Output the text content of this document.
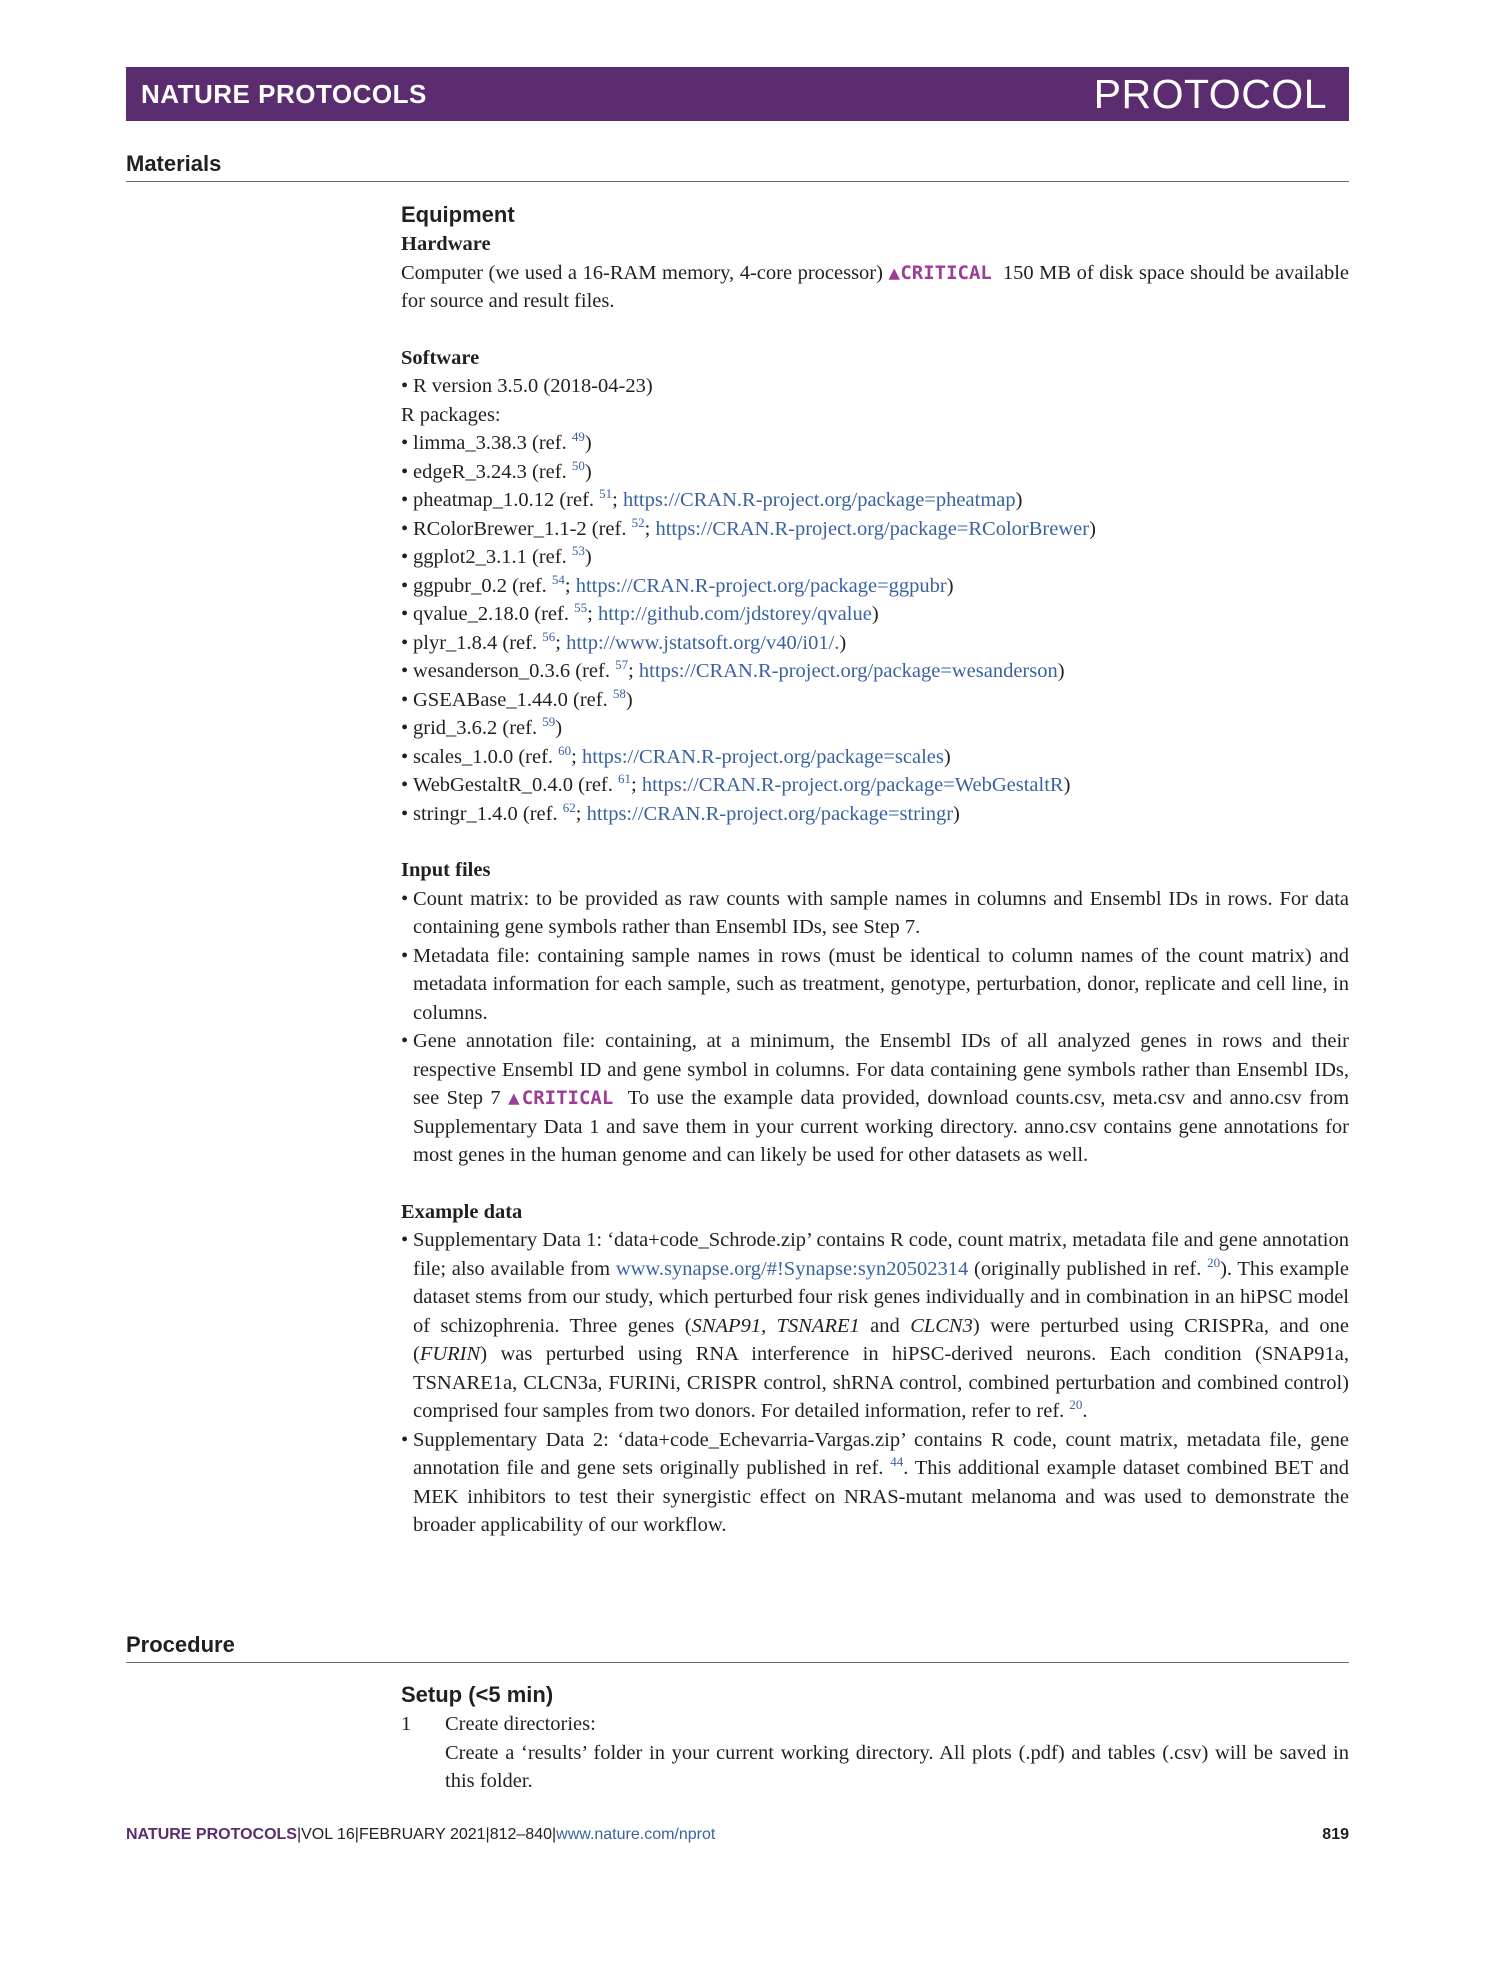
NATURE PROTOCOLS	PROTOCOL
Materials
Equipment
Hardware
Computer (we used a 16-RAM memory, 4-core processor) ▲CRITICAL 150 MB of disk space should be available for source and result files.
Software
• R version 3.5.0 (2018-04-23)
R packages:
• limma_3.38.3 (ref. $^{49}$)
• edgeR_3.24.3 (ref. $^{50}$)
• pheatmap_1.0.12 (ref. $^{51}$; https://CRAN.R-project.org/package=pheatmap)
• RColorBrewer_1.1-2 (ref. $^{52}$; https://CRAN.R-project.org/package=RColorBrewer)
• ggplot2_3.1.1 (ref. $^{53}$)
• ggpubr_0.2 (ref. $^{54}$; https://CRAN.R-project.org/package=ggpubr)
• qvalue_2.18.0 (ref. $^{55}$; http://github.com/jdstorey/qvalue)
• plyr_1.8.4 (ref. $^{56}$; http://www.jstatsoft.org/v40/i01/.)
• wesanderson_0.3.6 (ref. $^{57}$; https://CRAN.R-project.org/package=wesanderson)
• GSEABase_1.44.0 (ref. $^{58}$)
• grid_3.6.2 (ref. $^{59}$)
• scales_1.0.0 (ref. $^{60}$; https://CRAN.R-project.org/package=scales)
• WebGestaltR_0.4.0 (ref. $^{61}$; https://CRAN.R-project.org/package=WebGestaltR)
• stringr_1.4.0 (ref. $^{62}$; https://CRAN.R-project.org/package=stringr)
Input files
• Count matrix: to be provided as raw counts with sample names in columns and Ensembl IDs in rows. For data containing gene symbols rather than Ensembl IDs, see Step 7.
• Metadata file: containing sample names in rows (must be identical to column names of the count matrix) and metadata information for each sample, such as treatment, genotype, perturbation, donor, replicate and cell line, in columns.
• Gene annotation file: containing, at a minimum, the Ensembl IDs of all analyzed genes in rows and their respective Ensembl ID and gene symbol in columns. For data containing gene symbols rather than Ensembl IDs, see Step 7 ▲CRITICAL To use the example data provided, download counts.csv, meta.csv and anno.csv from Supplementary Data 1 and save them in your current working directory. anno.csv contains gene annotations for most genes in the human genome and can likely be used for other datasets as well.
Example data
• Supplementary Data 1: ‘data+code_Schrode.zip’ contains R code, count matrix, metadata file and gene annotation file; also available from www.synapse.org/#!Synapse:syn20502314 (originally published in ref. $^{20}$). This example dataset stems from our study, which perturbed four risk genes individually and in combination in an hiPSC model of schizophrenia. Three genes (SNAP91, TSNARE1 and CLCN3) were perturbed using CRISPRa, and one (FURIN) was perturbed using RNA interference in hiPSC-derived neurons. Each condition (SNAP91a, TSNARE1a, CLCN3a, FURINi, CRISPR control, shRNA control, combined perturbation and combined control) comprised four samples from two donors. For detailed information, refer to ref. $^{20}$.
• Supplementary Data 2: ‘data+code_Echevarria-Vargas.zip’ contains R code, count matrix, metadata file, gene annotation file and gene sets originally published in ref. $^{44}$. This additional example dataset combined BET and MEK inhibitors to test their synergistic effect on NRAS-mutant melanoma and was used to demonstrate the broader applicability of our workflow.
Procedure
Setup (<5 min)
1	Create directories:
Create a ‘results’ folder in your current working directory. All plots (.pdf) and tables (.csv) will be saved in this folder.
NATURE PROTOCOLS|VOL 16|FEBRUARY 2021|812–840|www.nature.com/nprot	819
